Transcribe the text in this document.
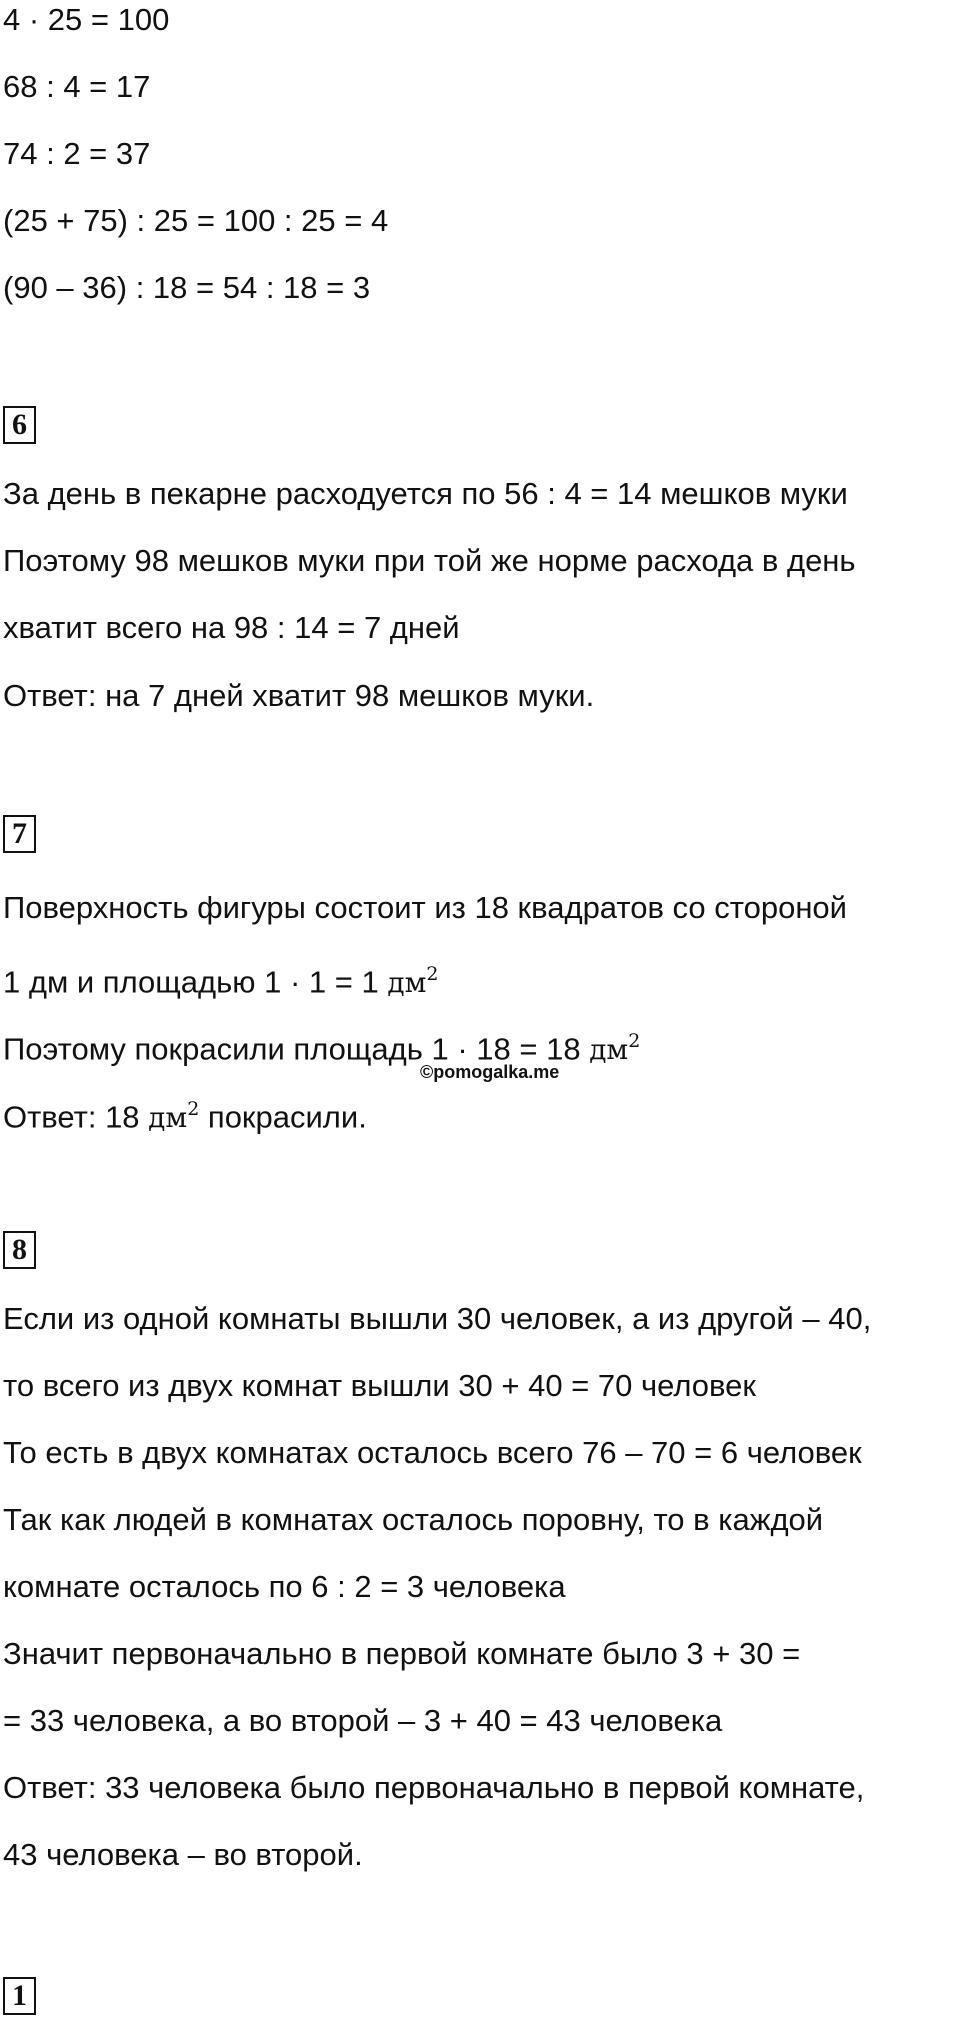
4 · 25 = 100
68 : 4 = 17
74 : 2 = 37
(25 + 75) : 25 = 100 : 25 = 4
(90 – 36) : 18 = 54 : 18 = 3
6
За день в пекарне расходуется по 56 : 4 = 14 мешков муки
Поэтому 98 мешков муки при той же норме расхода в день
хватит всего на 98 : 14 = 7 дней
Ответ: на 7 дней хватит 98 мешков муки.
7
Поверхность фигуры состоит из 18 квадратов со стороной
1 дм и площадью 1 · 1 = 1 $дм^2$
Поэтому покрасили площадь 1 · 18 = 18 $дм^2$
©pomogalka.me
Ответ: 18 $дм^2$ покрасили.
8
Если из одной комнаты вышли 30 человек, а из другой – 40,
то всего из двух комнат вышли 30 + 40 = 70 человек
То есть в двух комнатах осталось всего 76 – 70 = 6 человек
Так как людей в комнатах осталось поровну, то в каждой
комнате осталось по 6 : 2 = 3 человека
Значит первоначально в первой комнате было 3 + 30 =
= 33 человека, а во второй – 3 + 40 = 43 человека
Ответ: 33 человека было первоначально в первой комнате,
43 человека – во второй.
1
